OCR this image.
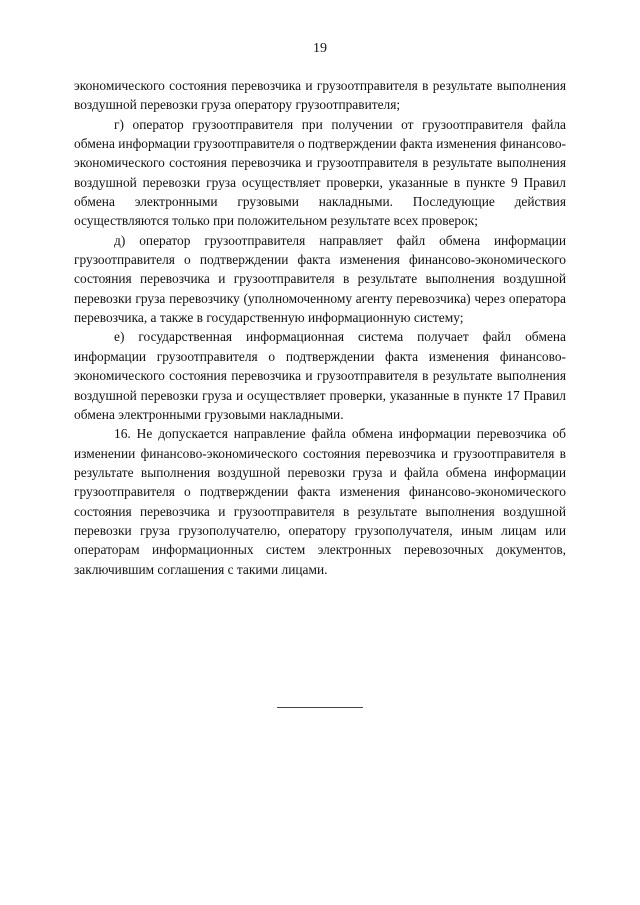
19

экономического состояния перевозчика и грузоотправителя в результате выполнения воздушной перевозки груза оператору грузоотправителя;

г) оператор грузоотправителя при получении от грузоотправителя файла обмена информации грузоотправителя о подтверждении факта изменения финансово-экономического состояния перевозчика и грузоотправителя в результате выполнения воздушной перевозки груза осуществляет проверки, указанные в пункте 9 Правил обмена электронными грузовыми накладными. Последующие действия осуществляются только при положительном результате всех проверок;

д) оператор грузоотправителя направляет файл обмена информации грузоотправителя о подтверждении факта изменения финансово-экономического состояния перевозчика и грузоотправителя в результате выполнения воздушной перевозки груза перевозчику (уполномоченному агенту перевозчика) через оператора перевозчика, а также в государственную информационную систему;

е) государственная информационная система получает файл обмена информации грузоотправителя о подтверждении факта изменения финансово-экономического состояния перевозчика и грузоотправителя в результате выполнения воздушной перевозки груза и осуществляет проверки, указанные в пункте 17 Правил обмена электронными грузовыми накладными.

16. Не допускается направление файла обмена информации перевозчика об изменении финансово-экономического состояния перевозчика и грузоотправителя в результате выполнения воздушной перевозки груза и файла обмена информации грузоотправителя о подтверждении факта изменения финансово-экономического состояния перевозчика и грузоотправителя в результате выполнения воздушной перевозки груза грузополучателю, оператору грузополучателя, иным лицам или операторам информационных систем электронных перевозочных документов, заключившим соглашения с такими лицами.
